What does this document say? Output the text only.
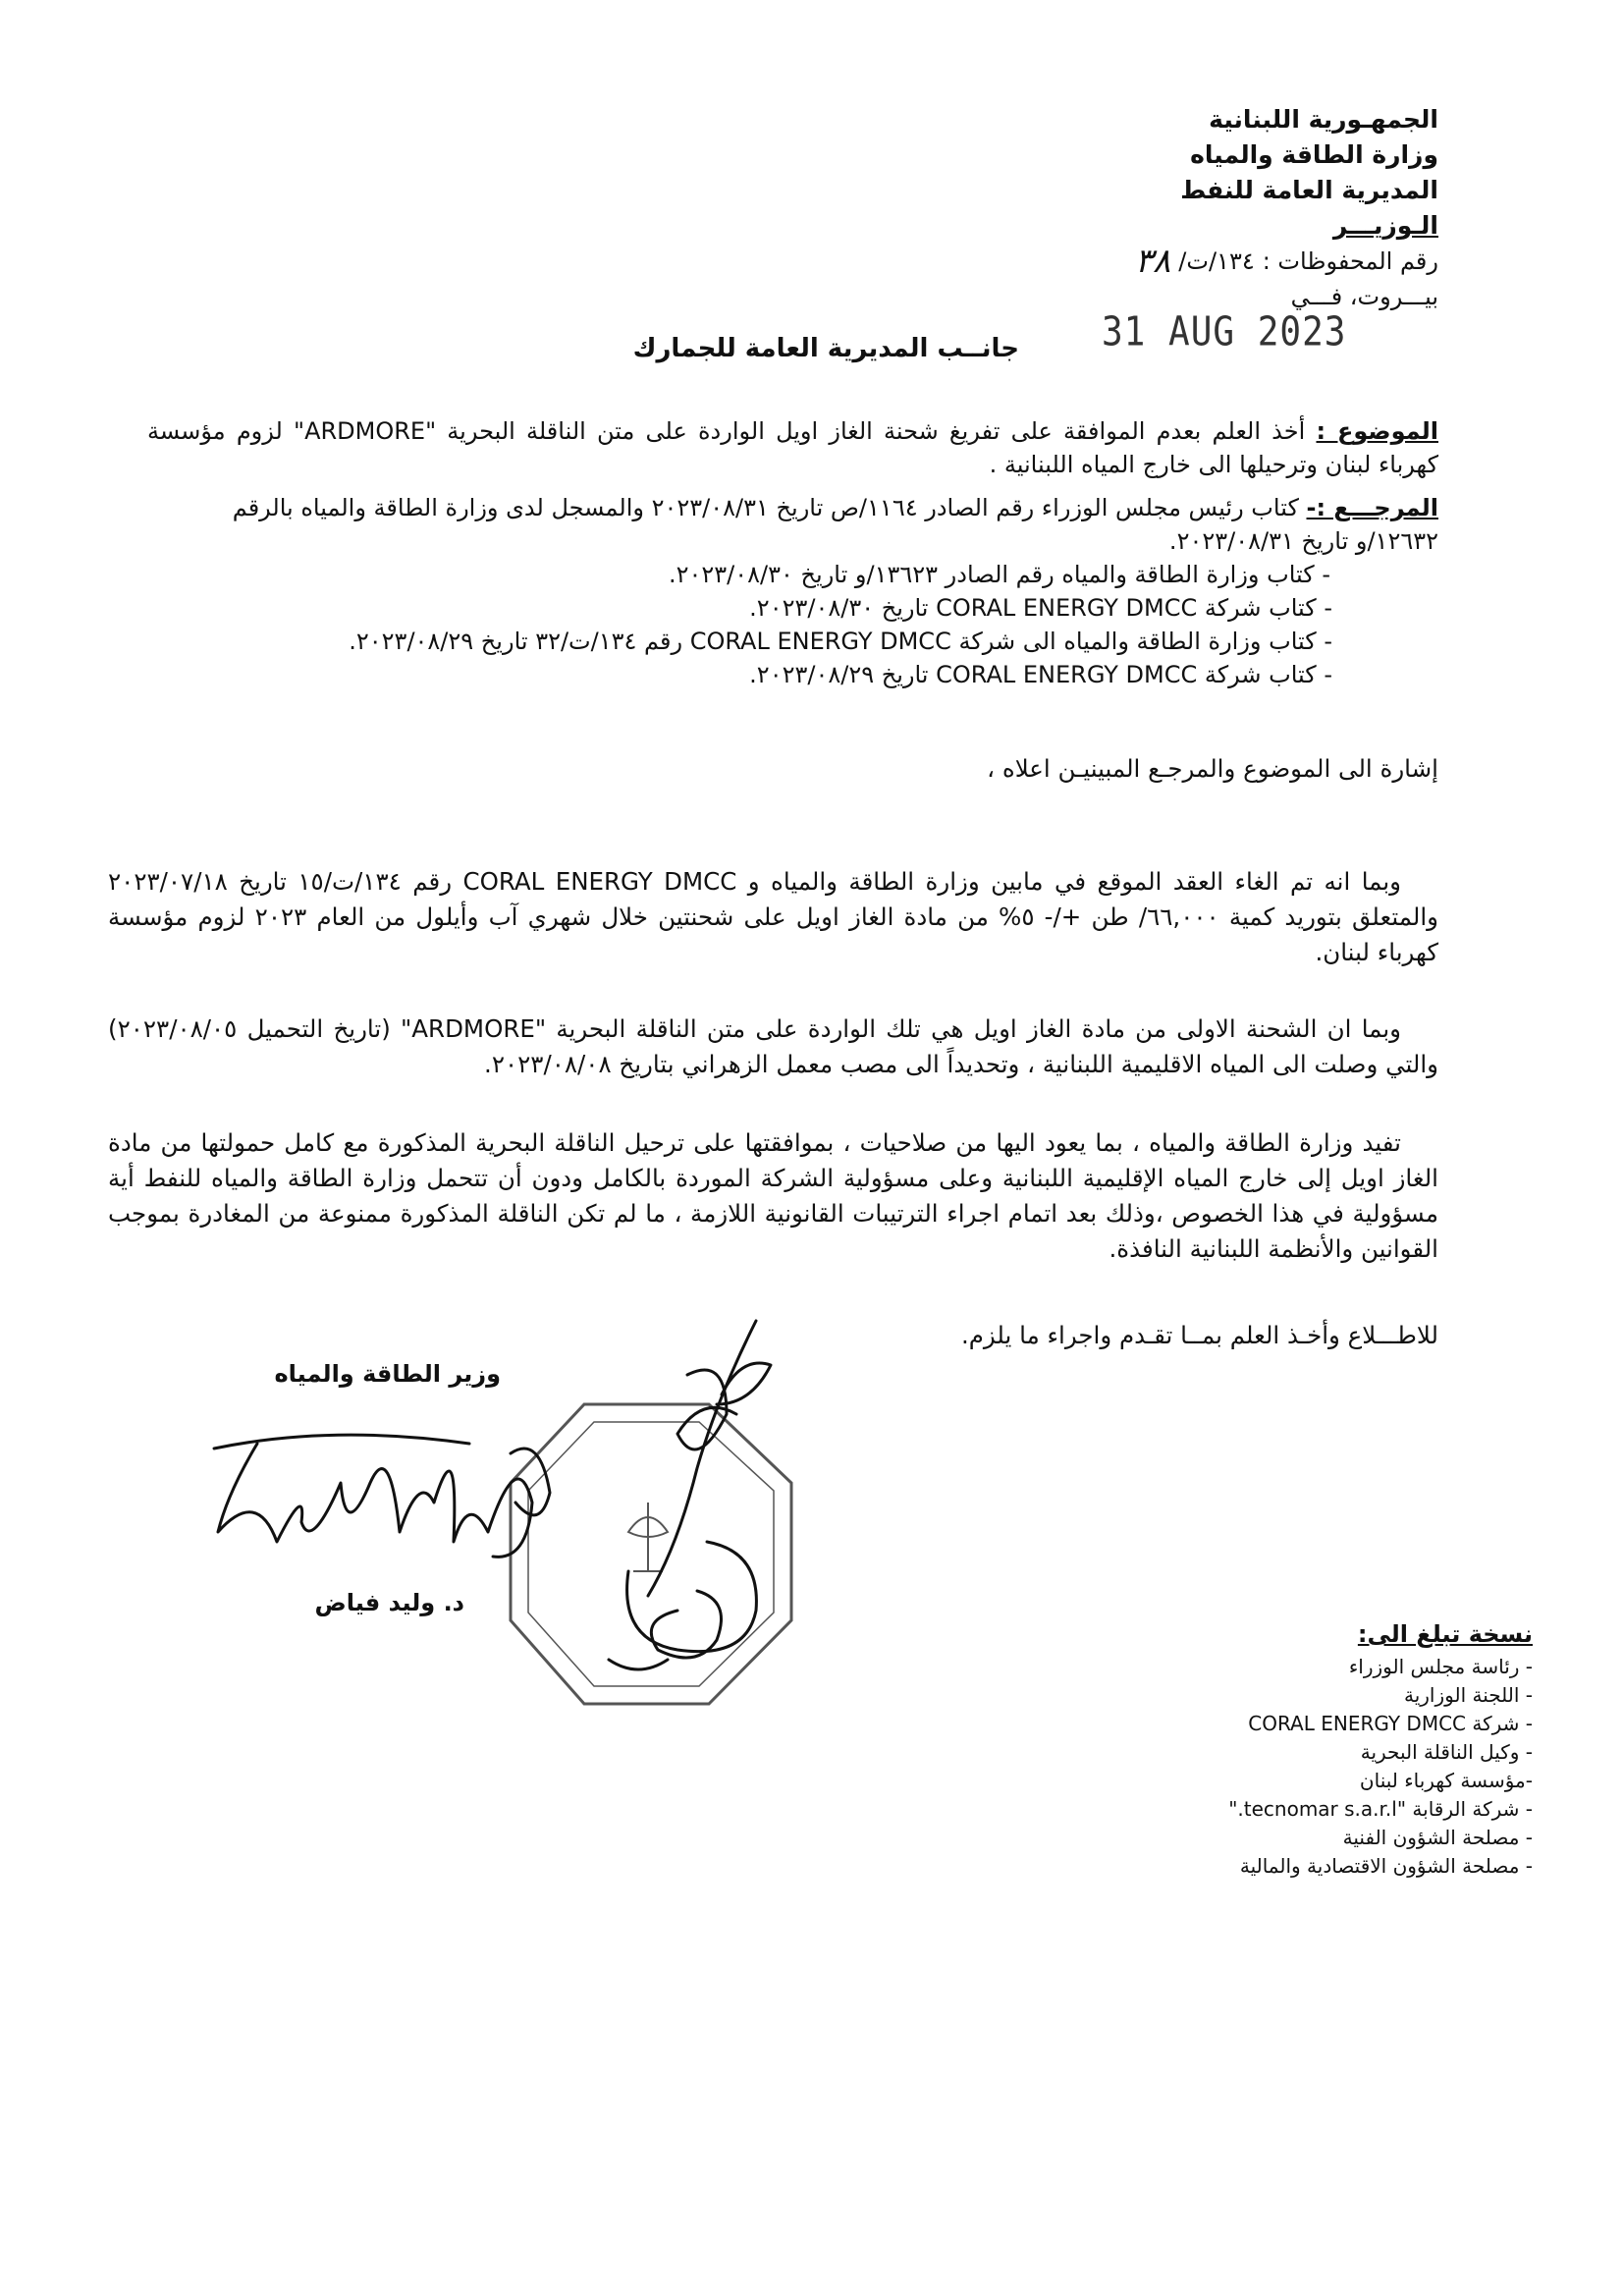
الجمهـورية اللبنانية
وزارة الطاقة والمياه
المديرية العامة للنفط
الـوزيـــر
رقم المحفوظات :
١٣٤/ت/
٣٨
بيـــروت، فـــي
31 AUG 2023
جانــب المديرية العامة للجمارك
الموضوع : أخذ العلم بعدم الموافقة على تفريغ شحنة الغاز اويل الواردة على متن الناقلة البحرية "ARDMORE" لزوم مؤسسة كهرباء لبنان وترحيلها الى خارج المياه اللبنانية .
المرجـــع :- كتاب رئيس مجلس الوزراء رقم الصادر ١١٦٤/ص تاريخ ٢٠٢٣/٠٨/٣١ والمسجل لدى وزارة الطاقة والمياه بالرقم
١٢٦٣٢/و تاريخ ٢٠٢٣/٠٨/٣١.
- كتاب وزارة الطاقة والمياه رقم الصادر ١٣٦٢٣/و تاريخ ٢٠٢٣/٠٨/٣٠.
- كتاب شركة CORAL ENERGY DMCC تاريخ ٢٠٢٣/٠٨/٣٠.
- كتاب وزارة الطاقة والمياه الى شركة CORAL ENERGY DMCC رقم ١٣٤/ت/٣٢ تاريخ ٢٠٢٣/٠٨/٢٩.
- كتاب شركة CORAL ENERGY DMCC تاريخ ٢٠٢٣/٠٨/٢٩.
إشارة الى الموضوع والمرجـع المبينيـن اعلاه ،
وبما انه تم الغاء العقد الموقع في مابين وزارة الطاقة والمياه و CORAL ENERGY DMCC رقم ١٣٤/ت/١٥ تاريخ ٢٠٢٣/٠٧/١٨ والمتعلق بتوريد كمية ٦٦,٠٠٠/ طن +/- ٥% من مادة الغاز اويل على شحنتين خلال شهري آب وأيلول من العام ٢٠٢٣ لزوم مؤسسة كهرباء لبنان.
وبما ان الشحنة الاولى من مادة الغاز اويل هي تلك الواردة على متن الناقلة البحرية "ARDMORE" (تاريخ التحميل ٢٠٢٣/٠٨/٠٥) والتي وصلت الى المياه الاقليمية اللبنانية ، وتحديداً الى مصب معمل الزهراني بتاريخ ٢٠٢٣/٠٨/٠٨.
تفيد وزارة الطاقة والمياه ، بما يعود اليها من صلاحيات ، بموافقتها على ترحيل الناقلة البحرية المذكورة مع كامل حمولتها من مادة الغاز اويل إلى خارج المياه الإقليمية اللبنانية وعلى مسؤولية الشركة الموردة بالكامل ودون أن تتحمل وزارة الطاقة والمياه للنفط أية مسؤولية في هذا الخصوص ،وذلك بعد اتمام اجراء الترتيبات القانونية اللازمة ، ما لم تكن الناقلة المذكورة ممنوعة من المغادرة بموجب القوانين والأنظمة اللبنانية النافذة.
للاطـــلاع وأخـذ العلم بمــا تقـدم واجراء ما يلزم.
وزير الطاقة والمياه
د. وليد فياض
نسخة تبلغ الى:
- رئاسة مجلس الوزراء
- اللجنة الوزارية
- شركة CORAL ENERGY DMCC
- وكيل الناقلة البحرية
-مؤسسة كهرباء لبنان
- شركة الرقابة "tecnomar s.a.r.l."
- مصلحة الشؤون الفنية
- مصلحة الشؤون الاقتصادية والمالية
